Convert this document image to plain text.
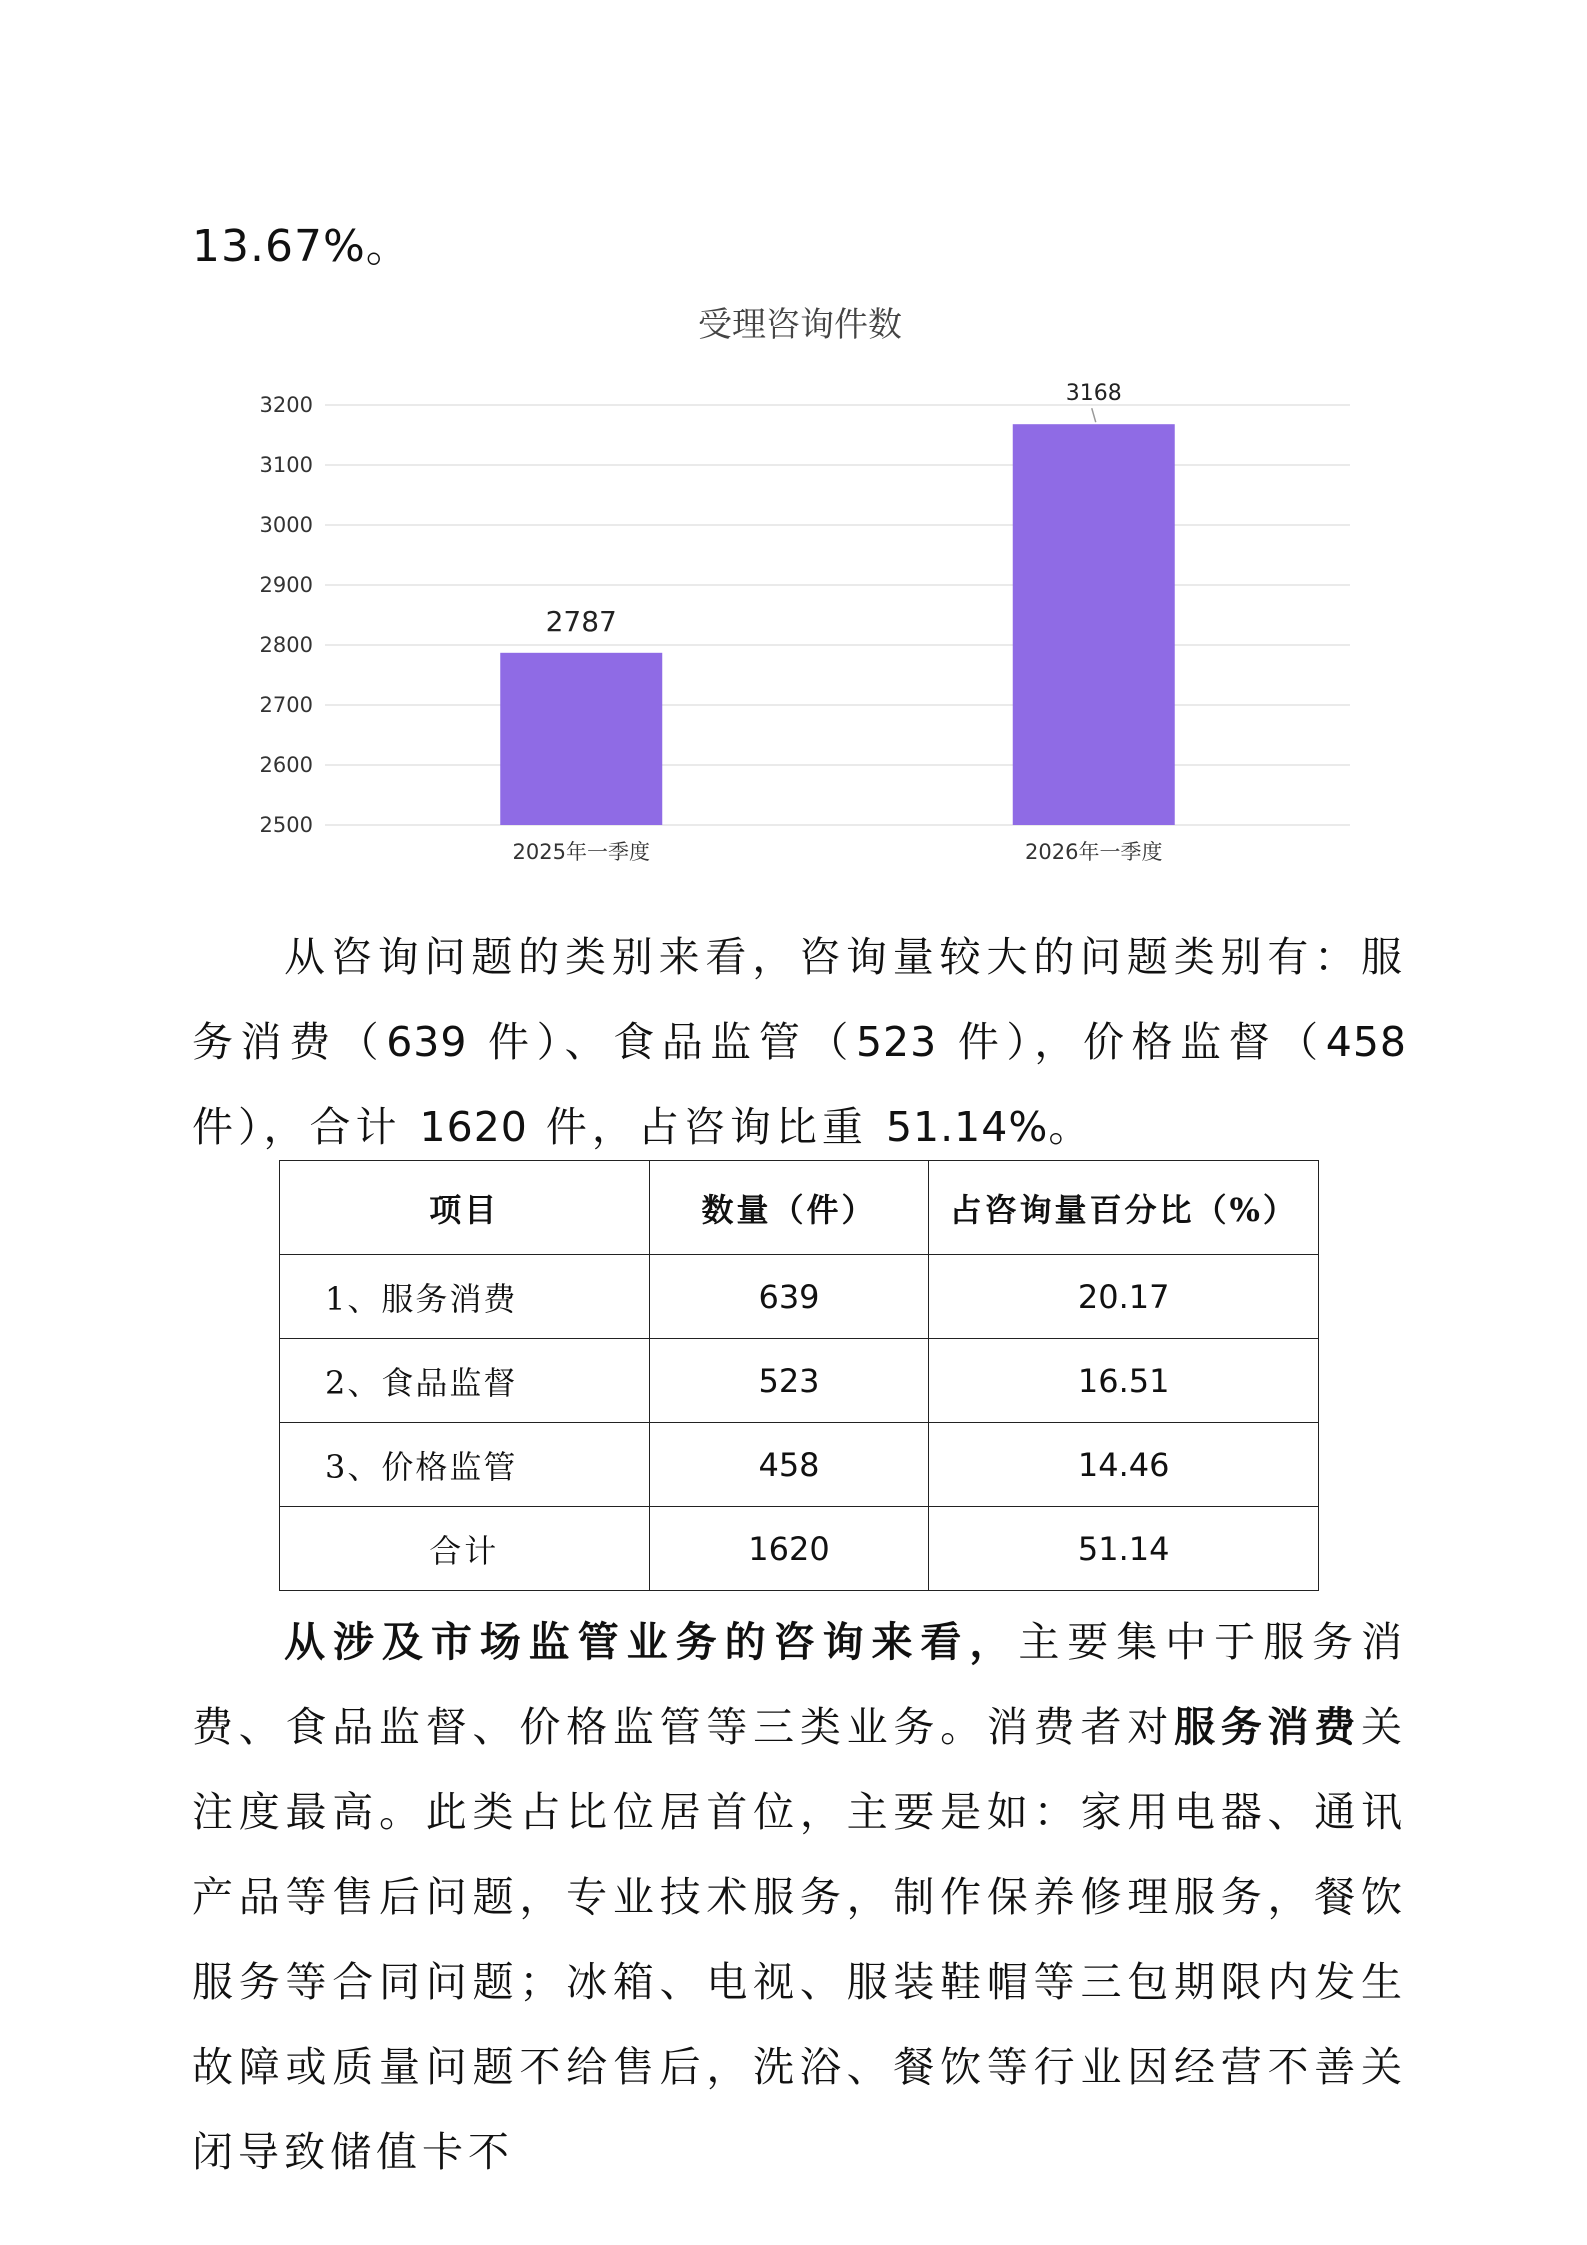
13.67%。
受理咨询件数
2500
2600
2700
2800
2900
3000
3100
3200
2787
3168
2025年一季度	2026年一季度
从咨询问题的类别来看，咨询量较大的问题类别有：服务消费（639 件）、食品监管（523 件），价格监督（458 件），合计 1620 件，占咨询比重 51.14%。
项目	数量（件）	占咨询量百分比（%）
1、服务消费	639	20.17
2、食品监督	523	16.51
3、价格监管	458	14.46
合计	1620	51.14
从涉及市场监管业务的咨询来看，主要集中于服务消费、食品监督、价格监管等三类业务。消费者对服务消费关注度最高。此类占比位居首位，主要是如：家用电器、通讯产品等售后问题，专业技术服务，制作保养修理服务，餐饮服务等合同问题；冰箱、电视、服装鞋帽等三包期限内发生故障或质量问题不给售后，洗浴、餐饮等行业因经营不善关闭导致储值卡不
